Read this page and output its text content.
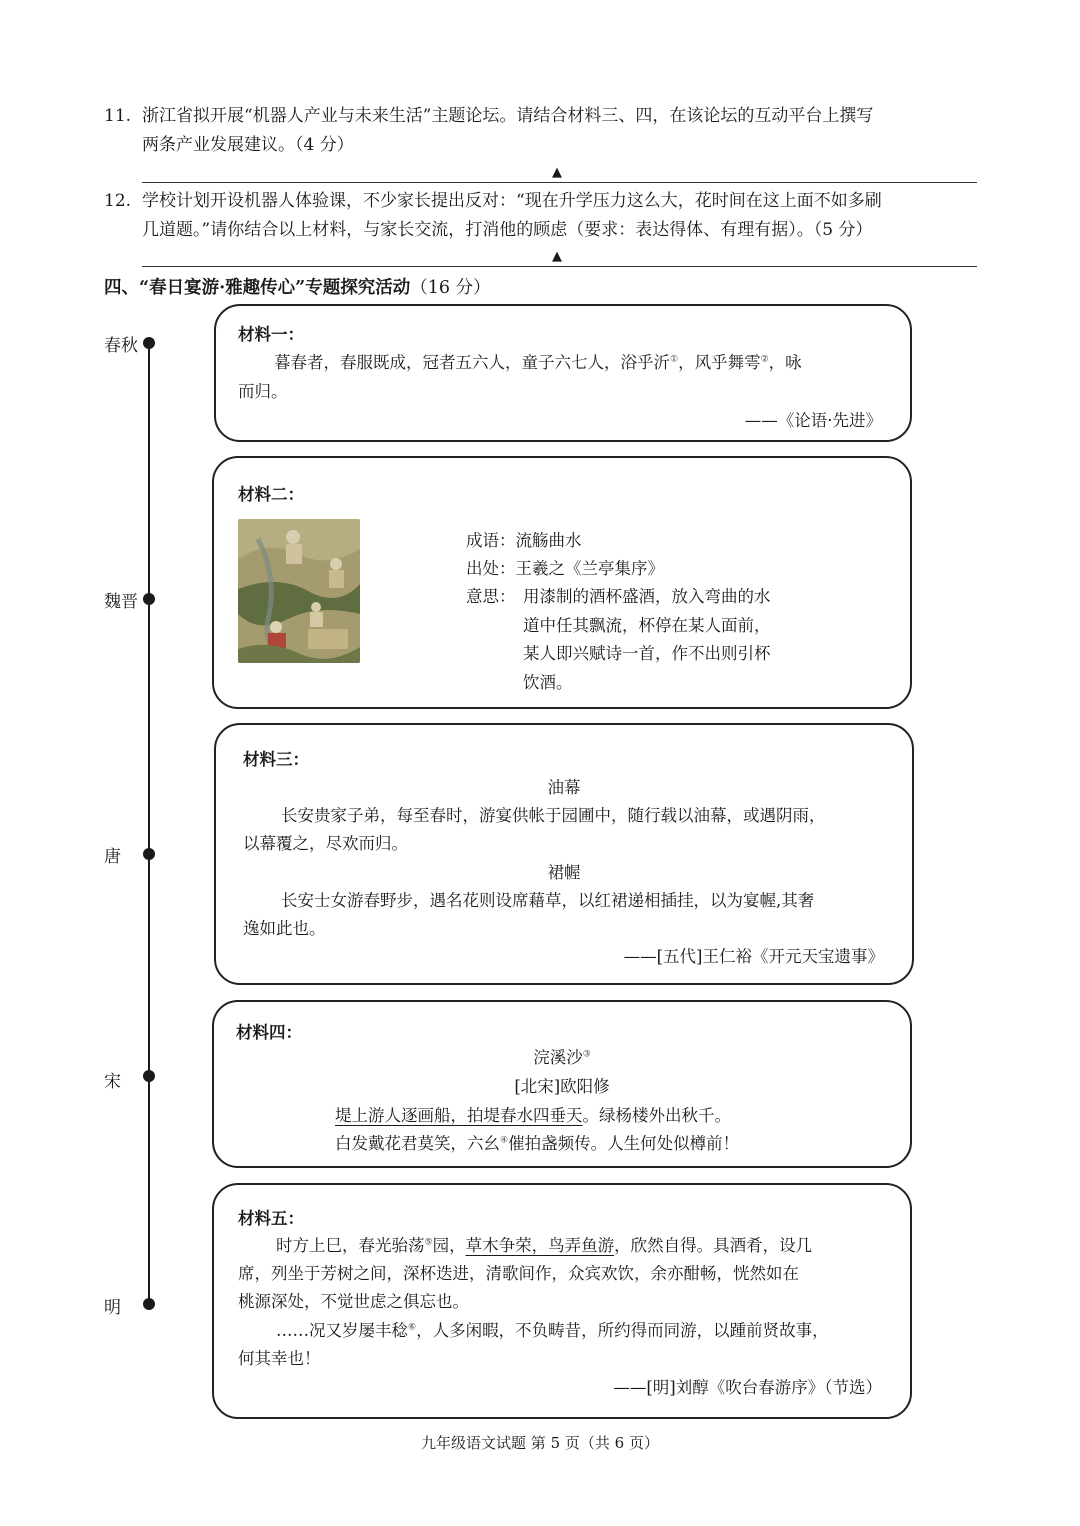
11. 浙江省拟开展“机器人产业与未来生活”主题论坛。请结合材料三、四，在该论坛的互动平台上撰写
两条产业发展建议。（4 分）
▲
12. 学校计划开设机器人体验课，不少家长提出反对：“现在升学压力这么大，花时间在这上面不如多刷
几道题。”请你结合以上材料，与家长交流，打消他的顾虑（要求：表达得体、有理有据）。（5 分）
▲
四、“春日宴游·雅趣传心”专题探究活动（16 分）
春秋
魏晋
唐
宋
明
材料一：
暮春者，春服既成，冠者五六人，童子六七人，浴乎沂①，风乎舞雩②，咏
而归。
——《论语·先进》
材料二：
成语：流觞曲水
出处：王羲之《兰亭集序》
意思： 用漆制的酒杯盛酒，放入弯曲的水
道中任其飘流，杯停在某人面前，
某人即兴赋诗一首，作不出则引杯
饮酒。
材料三：
油幕
长安贵家子弟，每至春时，游宴供帐于园圃中，随行载以油幕，或遇阴雨，
以幕覆之，尽欢而归。
裙幄
长安士女游春野步，遇名花则设席藉草，以红裙递相插挂，以为宴幄,其奢
逸如此也。
——[五代]王仁裕《开元天宝遗事》
材料四：
浣溪沙③
[北宋]欧阳修
堤上游人逐画船，拍堤春水四垂天。绿杨楼外出秋千。
白发戴花君莫笑，六幺④催拍盏频传。人生何处似樽前！
材料五：
时方上巳，春光骀荡⑤园，草木争荣，鸟弄鱼游，欣然自得。具酒肴，设几
席，列坐于芳树之间，深杯迭进，清歌间作，众宾欢饮，余亦酣畅，恍然如在
桃源深处，不觉世虑之俱忘也。
……况又岁屡丰稔⑥，人多闲暇，不负畴昔，所约得而同游，以踵前贤故事，
何其幸也！
——[明]刘醇《吹台春游序》（节选）
九年级语文试题 第 5 页（共 6 页）
